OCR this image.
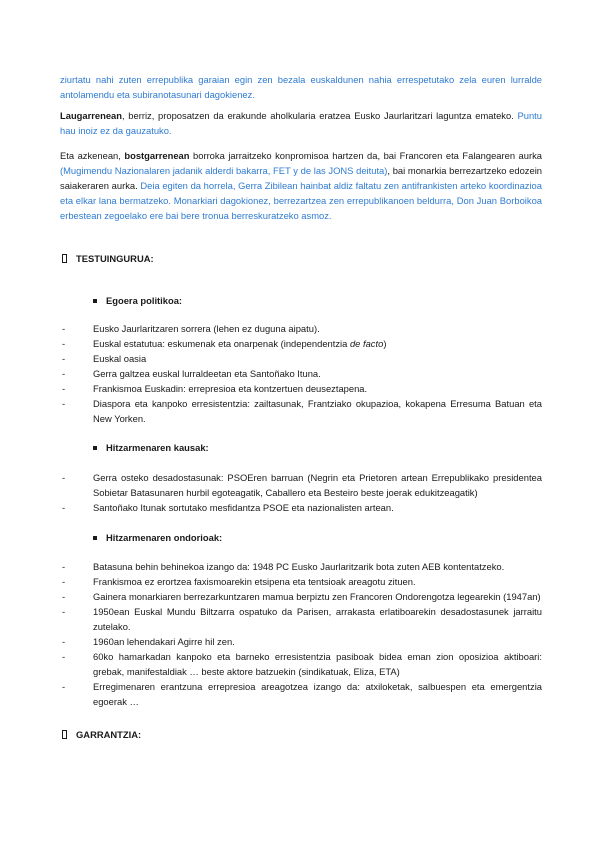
ziurtatu nahi zuten errepublika garaian egin zen bezala euskaldunen nahia errespetutako zela euren lurralde antolamendu eta subiranotasunari dagokienez.

Laugarrenean, berriz, proposatzen da erakunde aholkularia eratzea Eusko Jaurlaritzari laguntza emateko. Puntu hau inoiz ez da gauzatuko.

Eta azkenean, bostgarrenean borroka jarraitzeko konpromisoa hartzen da, bai Francoren eta Falangearen aurka (Mugimendu Nazionalaren jadanik alderdi bakarra, FET y de las JONS deituta), bai monarkia berrezartzeko edozein saiakeraren aurka. Deia egiten da horrela, Gerra Zibilean hainbat aldiz faltatu zen antifrankisten arteko koordinazioa eta elkar lana bermatzeko. Monarkiari dagokionez, berrezartzea zen errepublikanoen beldurra, Don Juan Borboikoa erbestean zegoelako ere bai bere tronua berreskuratzeko asmoz.

TESTUINGURUA:
Egoera politikoa:
-	Eusko Jaurlaritzaren sorrera (lehen ez duguna aipatu).
-	Euskal estatutua: eskumenak eta onarpenak (independentzia de facto)
-	Euskal oasia
-	Gerra galtzea euskal lurraldeetan eta Santoñako Ituna.
-	Frankismoa Euskadin: errepresioa eta kontzertuen deuseztapena.
-	Diaspora eta kanpoko erresistentzia: zailtasunak, Frantziako okupazioa, kokapena Erresuma Batuan eta New Yorken.
Hitzarmenaren kausak:
-	Gerra osteko desadostasunak: PSOEren barruan (Negrin eta Prietoren artean Errepublikako presidentea Sobietar Batasunaren hurbil egoteagatik, Caballero eta Besteiro beste joerak edukitzeagatik)
-	Santoñako Itunak sortutako mesfidantza PSOE eta nazionalisten artean.
Hitzarmenaren ondorioak:
-	Batasuna behin behinekoa izango da: 1948 PC Eusko Jaurlaritzarik bota zuten AEB kontentatzeko.
-	Frankismoa ez erortzea faxismoarekin etsipena eta tentsioak areagotu zituen.
-	Gainera monarkiaren berrezarkuntzaren mamua berpiztu zen Francoren Ondorengotza legearekin (1947an)
-	1950ean Euskal Mundu Biltzarra ospatuko da Parisen, arrakasta erlatiboarekin desadostasunek jarraitu zutelako.
-	1960an lehendakari Agirre hil zen.
-	60ko hamarkadan kanpoko eta barneko erresistentzia pasiboak bidea eman zion oposizioa aktiboari: grebak, manifestaldiak … beste aktore batzuekin (sindikatuak, Eliza, ETA)
-	Erregimenaren erantzuna errepresioa areagotzea izango da: atxiloketak, salbuespen eta emergentzia egoerak …
GARRANTZIA:
